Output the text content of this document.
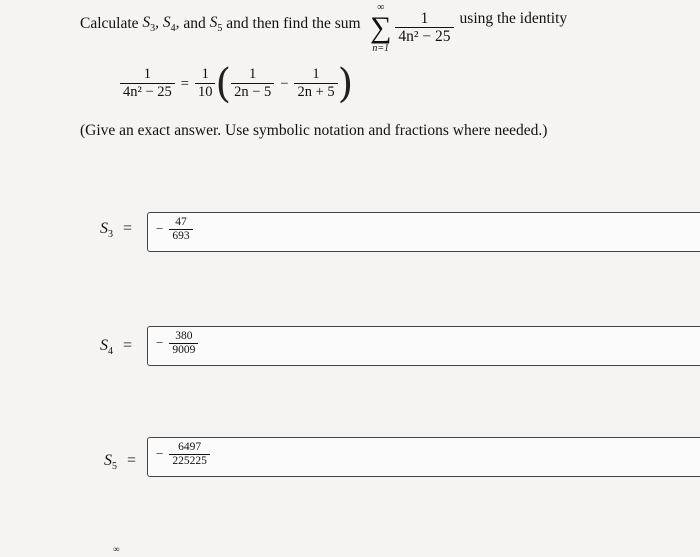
Calculate
$S_3$, $S_4$, and
$S_5$ and then find the sum
∞
∑
n=1
$\frac{1}{\text{4n² − 25}}$ using the identity
$\frac{1}{\text{4n² − 25}} = \frac{1}{10}$ ( $\frac{1}{2n - 5} - \frac{1}{2n + 5}$ )
(Give an exact answer. Use symbolic notation and fractions where needed.)
$S_3$ = − $\frac{47}{693}$
$S_4$ = − $\frac{380}{9009}$
$S_5$ = − $\frac{6497}{225225}$
∞
